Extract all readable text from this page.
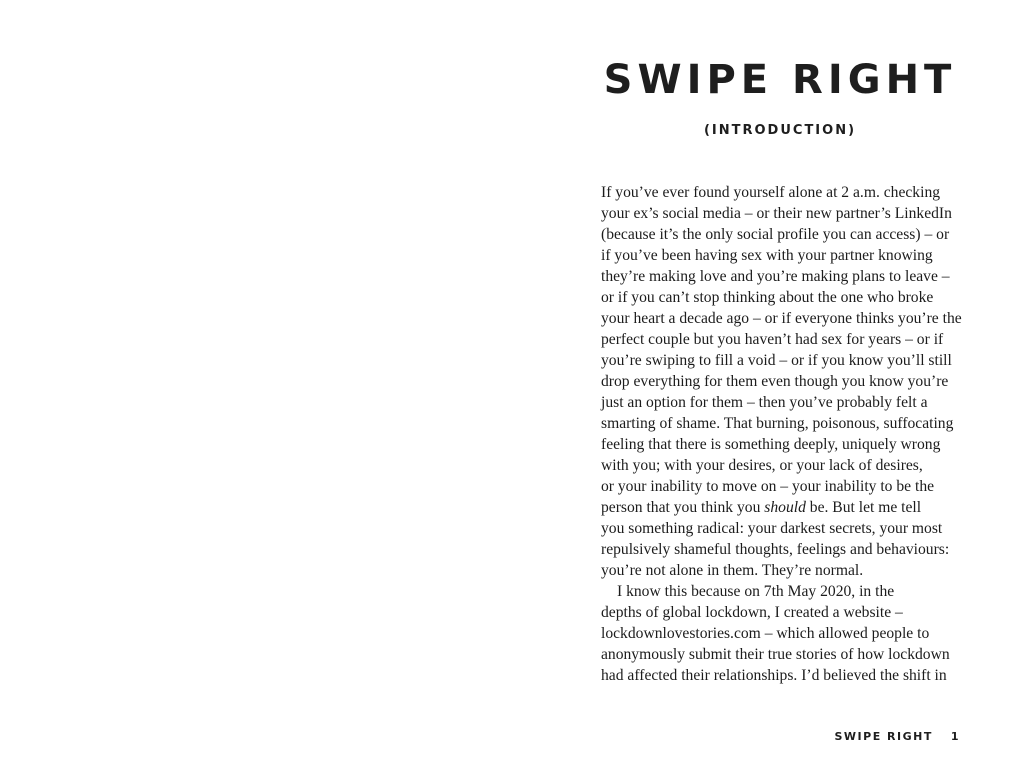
SWIPE RIGHT
(INTRODUCTION)
If you’ve ever found yourself alone at 2 a.m. checking
your ex’s social media – or their new partner’s LinkedIn
(because it’s the only social profile you can access) – or
if you’ve been having sex with your partner knowing
they’re making love and you’re making plans to leave –
or if you can’t stop thinking about the one who broke
your heart a decade ago – or if everyone thinks you’re the
perfect couple but you haven’t had sex for years – or if
you’re swiping to fill a void – or if you know you’ll still
drop everything for them even though you know you’re
just an option for them – then you’ve probably felt a
smarting of shame. That burning, poisonous, suffocating
feeling that there is something deeply, uniquely wrong
with you; with your desires, or your lack of desires,
or your inability to move on – your inability to be the
person that you think you should be. But let me tell
you something radical: your darkest secrets, your most
repulsively shameful thoughts, feelings and behaviours:
you’re not alone in them. They’re normal.
I know this because on 7th May 2020, in the
depths of global lockdown, I created a website –
lockdownlovestories.com – which allowed people to
anonymously submit their true stories of how lockdown
had affected their relationships. I’d believed the shift in
SWIPE RIGHT 1
